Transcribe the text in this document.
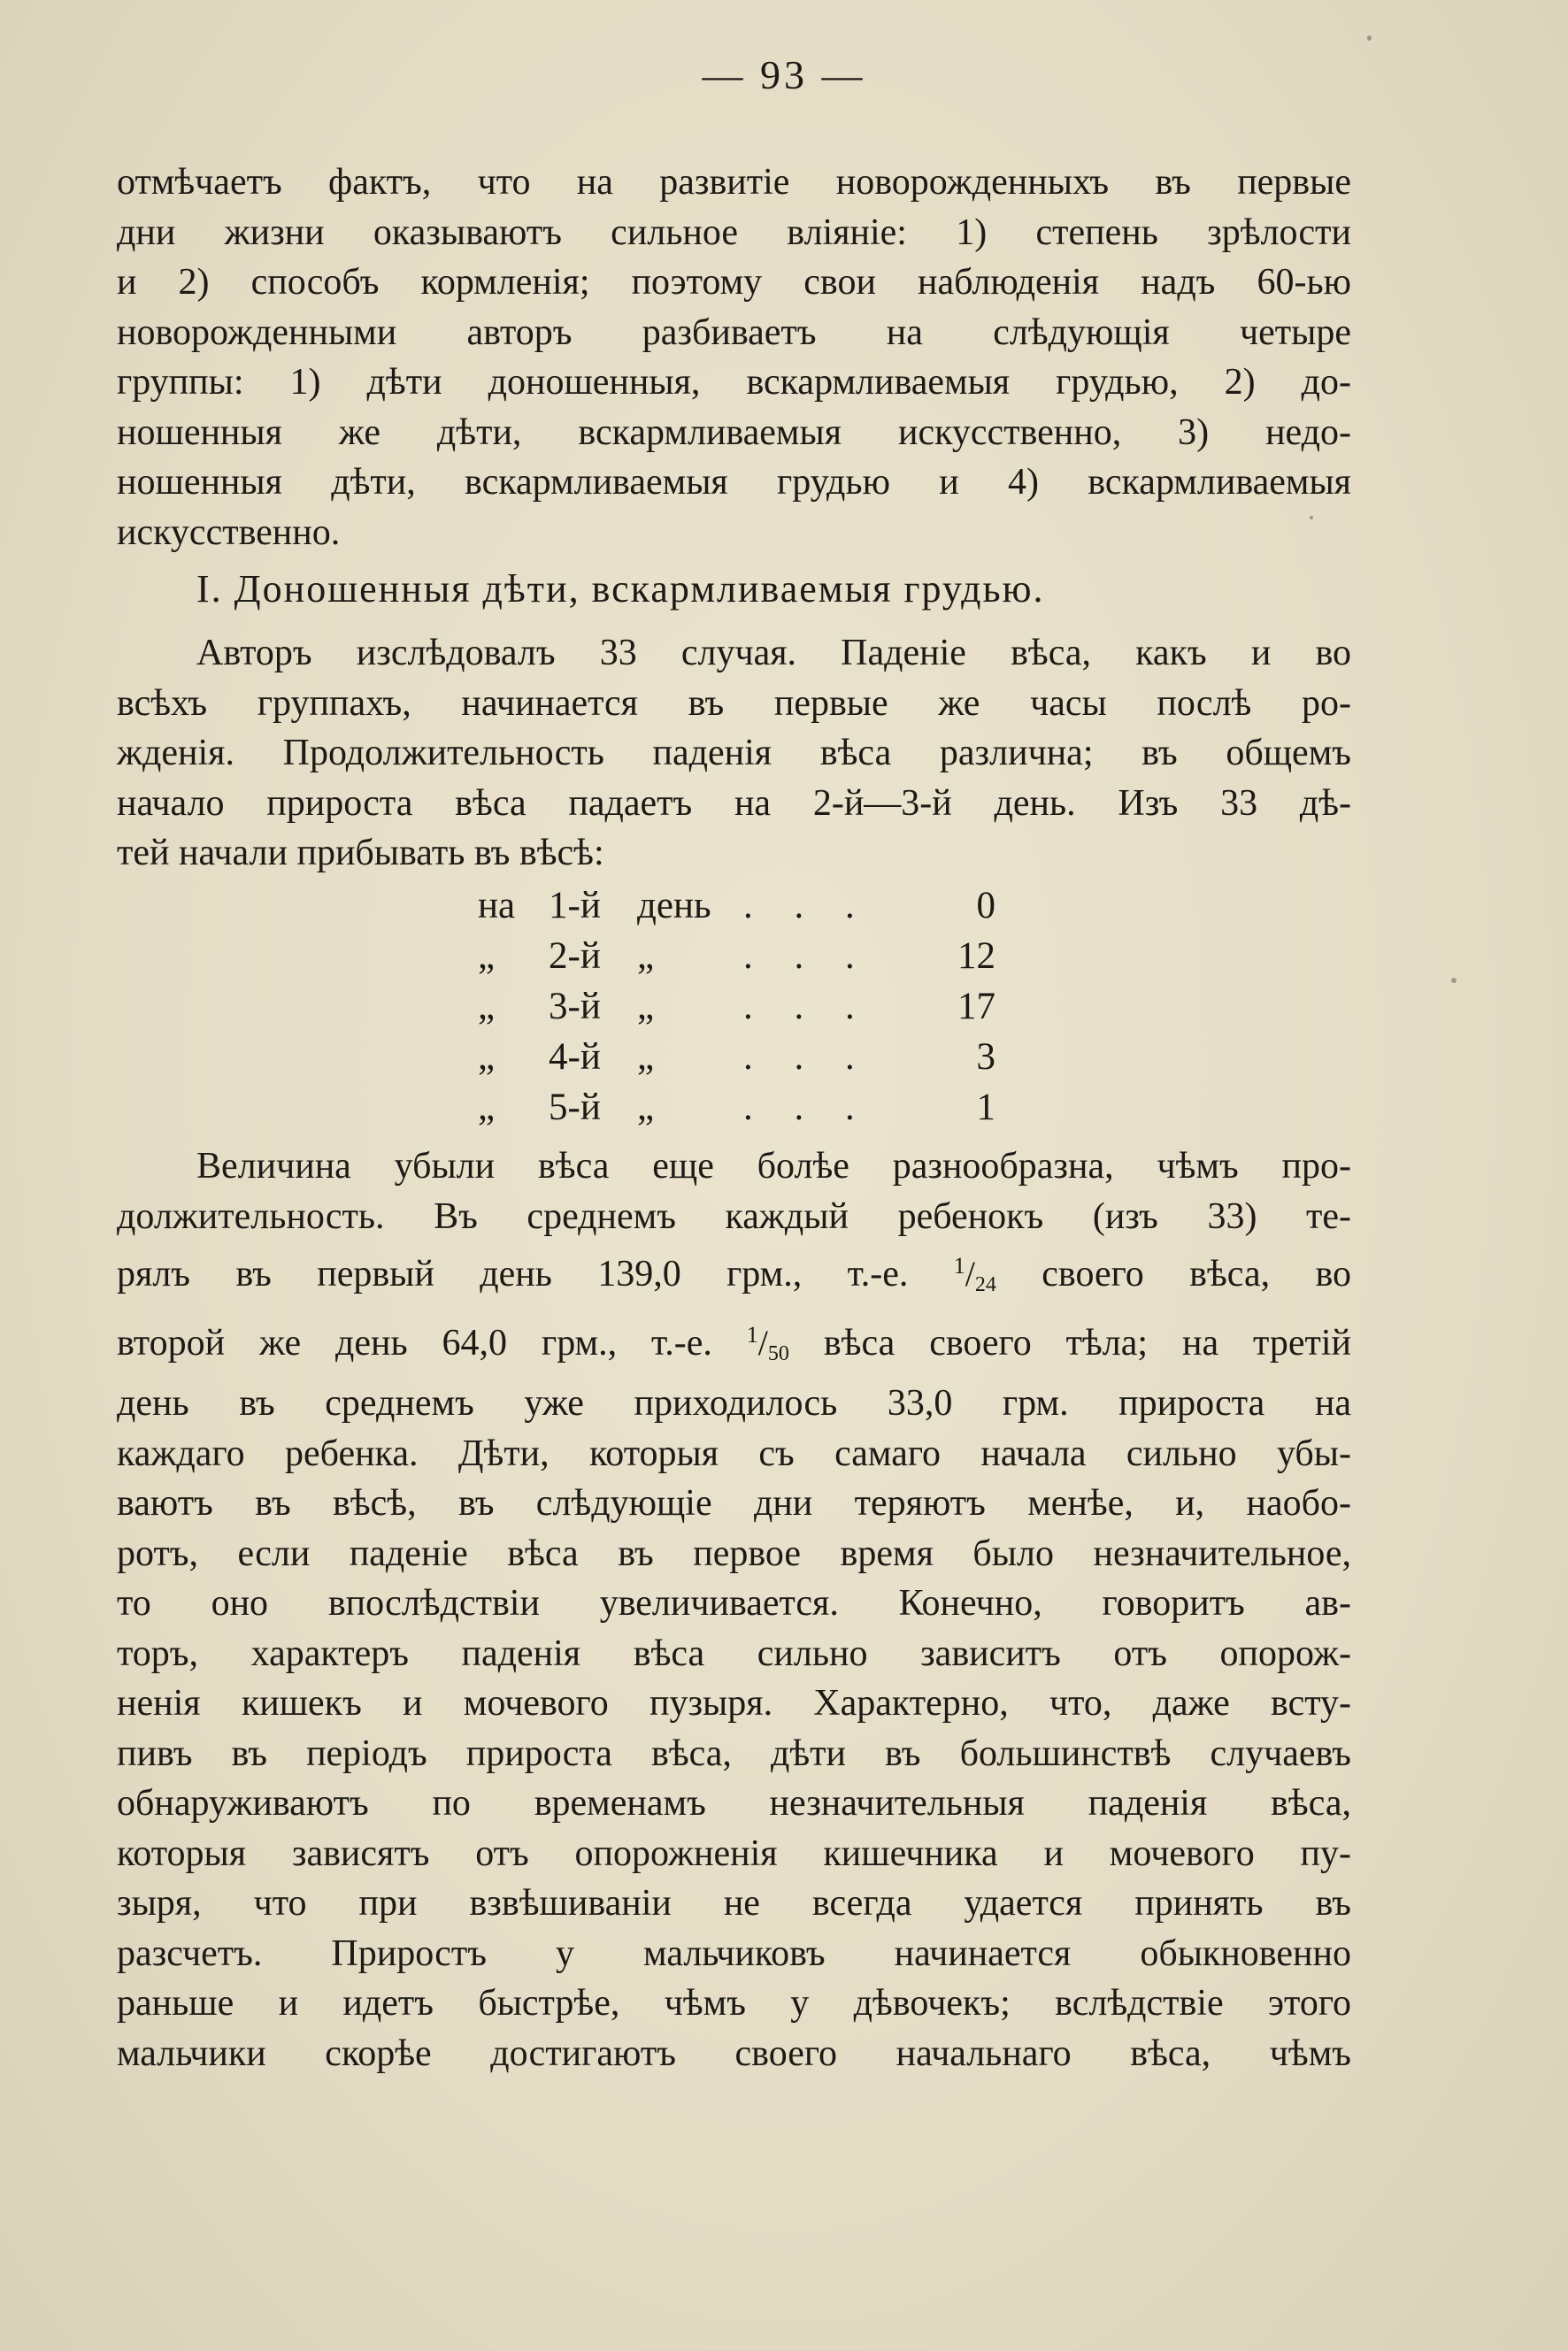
— 93 —
отмѣчаетъ фактъ, что на развитіе новорожденныхъ въ первые
дни жизни оказываютъ сильное вліяніе: 1) степень зрѣлости
и 2) способъ кормленія; поэтому свои наблюденія надъ 60-ью
новорожденными авторъ разбиваетъ на слѣдующія четыре
группы: 1) дѣти доношенныя, вскармливаемыя грудью, 2) до-
ношенныя же дѣти, вскармливаемыя искусственно, 3) недо-
ношенныя дѣти, вскармливаемыя грудью и 4) вскармливаемыя
искусственно.
I. Доношенныя дѣти, вскармливаемыя грудью.
Авторъ изслѣдовалъ 33 случая. Паденіе вѣса, какъ и во
всѣхъ группахъ, начинается въ первые же часы послѣ ро-
жденія. Продолжительность паденія вѣса различна; въ общемъ
начало прироста вѣса падаетъ на 2-й—3-й день. Изъ 33 дѣ-
тей начали прибывать въ вѣсѣ:
на 1-й день . . .	0
„ 2-й „ . . .	12
„ 3-й „ . . .	17
„ 4-й „ . . .	3
„ 5-й „ . . .	1
Величина убыли вѣса еще болѣе разнообразна, чѣмъ про-
должительность. Въ среднемъ каждый ребенокъ (изъ 33) те-
рялъ въ первый день 139,0 грм., т.-е. $^1/_{24}$ своего вѣса, во
второй же день 64,0 грм., т.-е. $^1/_{50}$ вѣса своего тѣла; на третій
день въ среднемъ уже приходилось 33,0 грм. прироста на
каждаго ребенка. Дѣти, которыя съ самаго начала сильно убы-
ваютъ въ вѣсѣ, въ слѣдующіе дни теряютъ менѣе, и, наобо-
ротъ, если паденіе вѣса въ первое время было незначительное,
то оно впослѣдствіи увеличивается. Конечно, говоритъ ав-
торъ, характеръ паденія вѣса сильно зависитъ отъ опорож-
ненія кишекъ и мочевого пузыря. Характерно, что, даже всту-
пивъ въ періодъ прироста вѣса, дѣти въ большинствѣ случаевъ
обнаруживаютъ по временамъ незначительныя паденія вѣса,
которыя зависятъ отъ опорожненія кишечника и мочевого пу-
зыря, что при взвѣшиваніи не всегда удается принять въ
разсчетъ. Приростъ у мальчиковъ начинается обыкновенно
раньше и идетъ быстрѣе, чѣмъ у дѣвочекъ; вслѣдствіе этого
мальчики скорѣе достигаютъ своего начальнаго вѣса, чѣмъ
